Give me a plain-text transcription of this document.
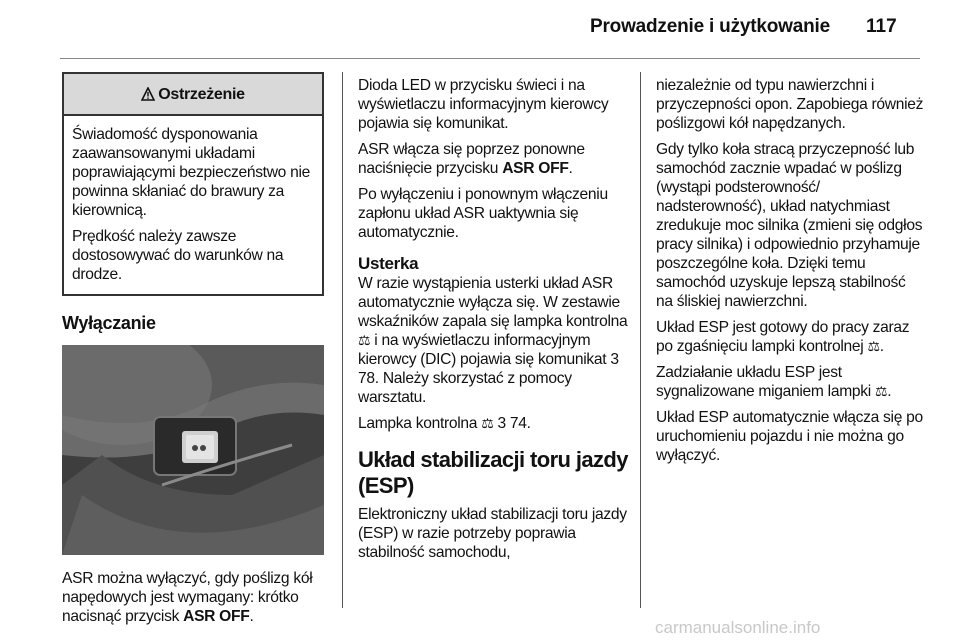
Prowadzenie i użytkowanie 117
Ostrzeżenie

Świadomość dysponowania zaawansowanymi układami poprawiającymi bezpieczeństwo nie powinna skłaniać do brawury za kierownicą.

Prędkość należy zawsze dostosowywać do warunków na drodze.

Wyłączanie

ASR można wyłączyć, gdy poślizg kół napędowych jest wymagany: krótko nacisnąć przycisk ASR OFF.

Dioda LED w przycisku świeci i na wyświetlaczu informacyjnym kierowcy pojawia się komunikat.

ASR włącza się poprzez ponowne naciśnięcie przycisku ASR OFF.

Po wyłączeniu i ponownym włączeniu zapłonu układ ASR uaktywnia się automatycznie.

Usterka

W razie wystąpienia usterki układ ASR automatycznie wyłącza się. W zestawie wskaźników zapala się lampka kontrolna ⚖ i na wyświetlaczu informacyjnym kierowcy (DIC) pojawia się komunikat 3 78. Należy skorzystać z pomocy warsztatu.

Lampka kontrolna ⚖ 3 74.

Układ stabilizacji toru jazdy (ESP)

Elektroniczny układ stabilizacji toru jazdy (ESP) w razie potrzeby poprawia stabilność samochodu,

niezależnie od typu nawierzchni i przyczepności opon. Zapobiega również poślizgowi kół napędzanych.

Gdy tylko koła stracą przyczepność lub samochód zacznie wpadać w poślizg (wystąpi podsterowność/ nadsterowność), układ natychmiast zredukuje moc silnika (zmieni się odgłos pracy silnika) i odpowiednio przyhamuje poszczególne koła. Dzięki temu samochód uzyskuje lepszą stabilność na śliskiej nawierzchni.

Układ ESP jest gotowy do pracy zaraz po zgaśnięciu lampki kontrolnej ⚖.

Zadziałanie układu ESP jest sygnalizowane miganiem lampki ⚖.

Układ ESP automatycznie włącza się po uruchomieniu pojazdu i nie można go wyłączyć.

carmanualsonline.info
